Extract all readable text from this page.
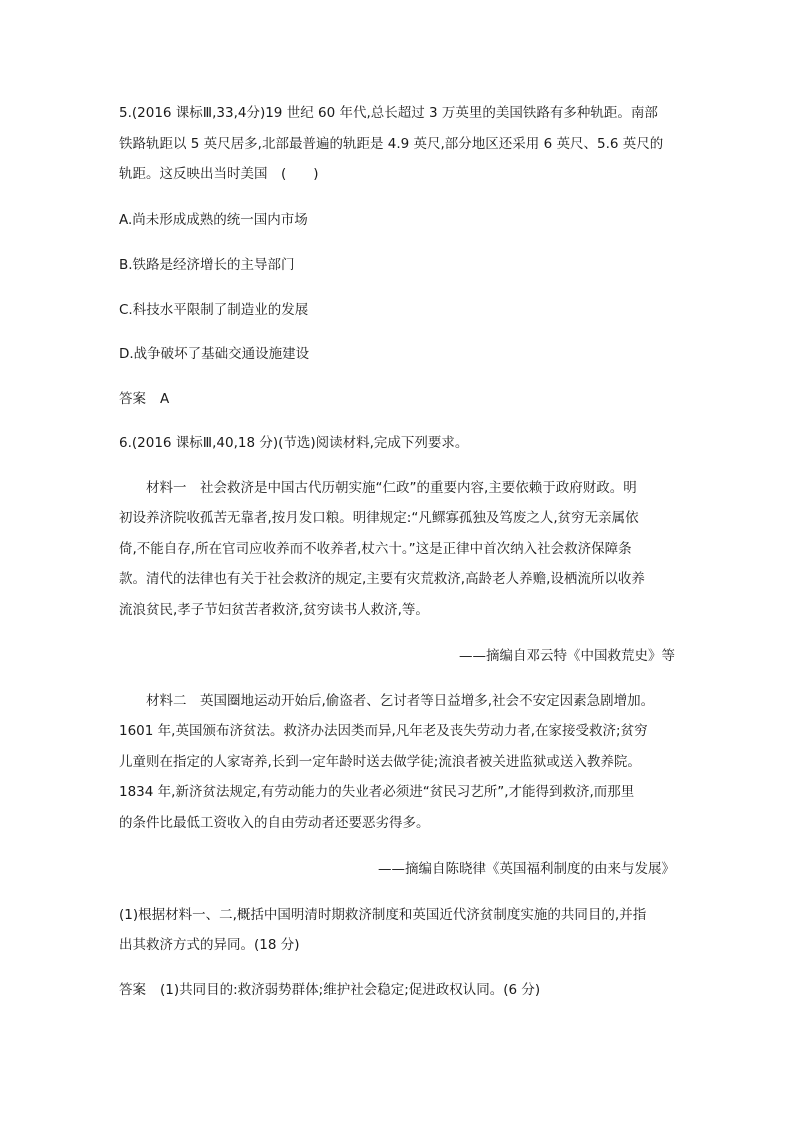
5.(2016 课标Ⅲ,33,4分)19 世纪 60 年代,总长超过 3 万英里的美国铁路有多种轨距。南部
铁路轨距以 5 英尺居多,北部最普遍的轨距是 4.9 英尺,部分地区还采用 6 英尺、5.6 英尺的
轨距。这反映出当时美国　(　　)
A.尚未形成成熟的统一国内市场
B.铁路是经济增长的主导部门
C.科技水平限制了制造业的发展
D.战争破坏了基础交通设施建设
答案 A
6.(2016 课标Ⅲ,40,18 分)(节选)阅读材料,完成下列要求。
材料一　社会救济是中国古代历朝实施“仁政”的重要内容,主要依赖于政府财政。明
初设养济院收孤苦无靠者,按月发口粮。明律规定:“凡鳏寡孤独及笃废之人,贫穷无亲属依
倚,不能自存,所在官司应收养而不收养者,杖六十。”这是正律中首次纳入社会救济保障条
款。清代的法律也有关于社会救济的规定,主要有灾荒救济,高龄老人养赡,设栖流所以收养
流浪贫民,孝子节妇贫苦者救济,贫穷读书人救济,等。
——摘编自邓云特《中国救荒史》等
材料二　英国圈地运动开始后,偷盗者、乞讨者等日益增多,社会不安定因素急剧增加。
1601 年,英国颁布济贫法。救济办法因类而异,凡年老及丧失劳动力者,在家接受救济;贫穷
儿童则在指定的人家寄养,长到一定年龄时送去做学徒;流浪者被关进监狱或送入教养院。
1834 年,新济贫法规定,有劳动能力的失业者必须进“贫民习艺所”,才能得到救济,而那里
的条件比最低工资收入的自由劳动者还要恶劣得多。
——摘编自陈晓律《英国福利制度的由来与发展》
(1)根据材料一、二,概括中国明清时期救济制度和英国近代济贫制度实施的共同目的,并指
出其救济方式的异同。(18 分)
答案 (1)共同目的:救济弱势群体;维护社会稳定;促进政权认同。(6 分)
